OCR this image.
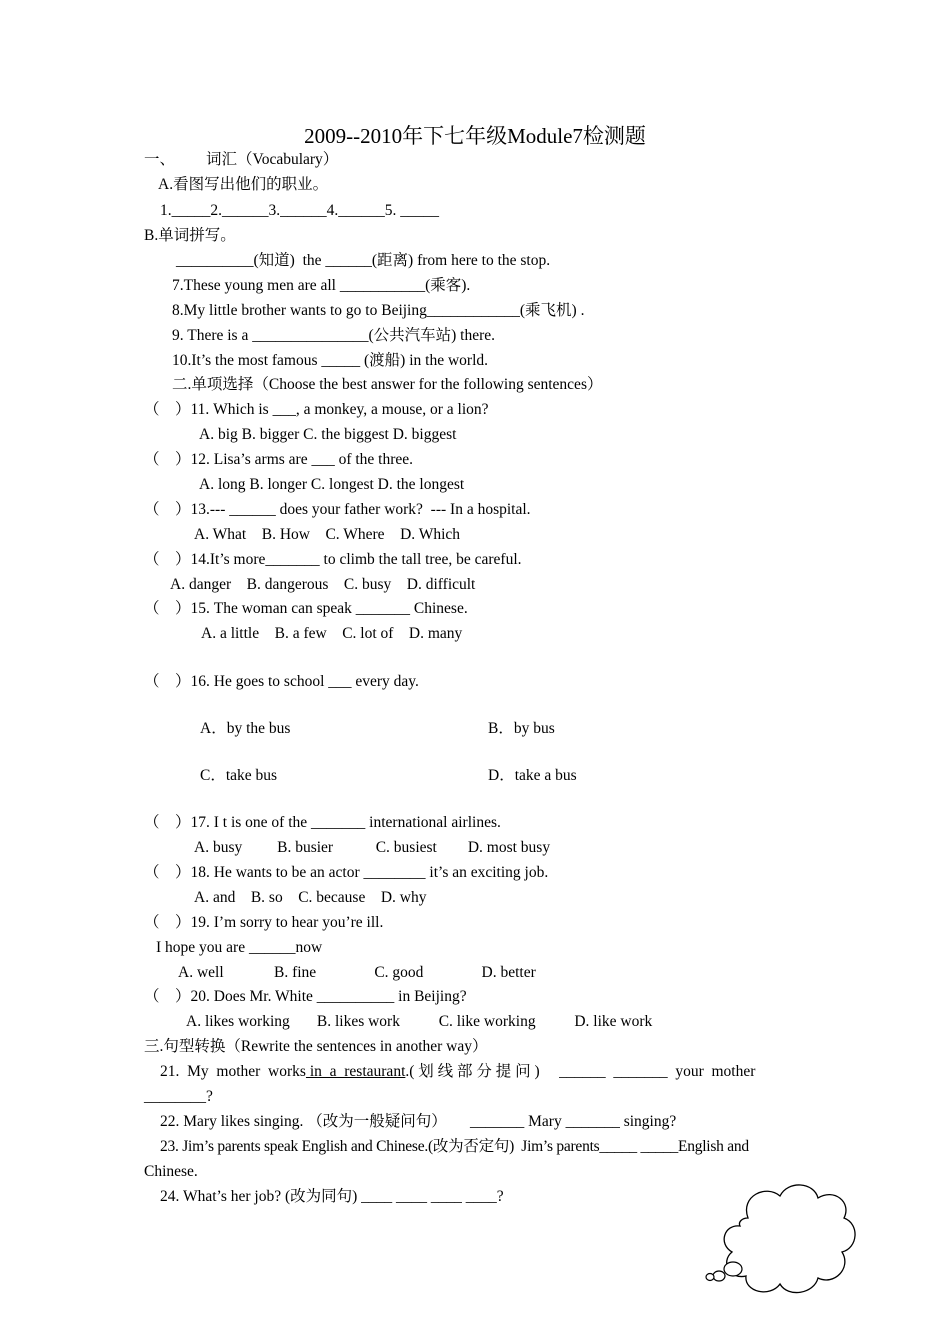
2009--2010年下七年级Module7检测题
一、        词汇（Vocabulary）
A.看图写出他们的职业。
1._____2.______3.______4.______5. _____
B.单词拼写。
__________(知道)  the ______(距离) from here to the stop.
7.These young men are all ___________(乘客).
8.My little brother wants to go to Beijing____________(乘飞机) .
9. There is a _______________(公共汽车站) there.
10.It’s the most famous _____ (渡船) in the world.
二.单项选择（Choose the best answer for the following sentences）
（    ）11. Which is ___, a monkey, a mouse, or a lion?
A. big B. bigger C. the biggest D. biggest
（    ）12. Lisa’s arms are ___ of the three.
A. long B. longer C. longest D. the longest
（    ）13.--- ______ does your father work?  --- In a hospital.
A. What    B. How    C. Where    D. Which
（    ）14.It’s more_______ to climb the tall tree, be careful.
A. danger    B. dangerous    C. busy    D. difficult
（    ）15. The woman can speak _______ Chinese.
A. a little    B. a few    C. lot of    D. many
（    ）16. He goes to school ___ every day.
A．by the bus	B．by bus
C．take bus	D．take a bus
（    ）17. I t is one of the _______ international airlines.
A. busy         B. busier           C. busiest        D. most busy
（    ）18. He wants to be an actor ________ it’s an exciting job.
A. and    B. so    C. because    D. why
（    ）19. I’m sorry to hear you’re ill.
I hope you are ______now
A. well             B. fine               C. good               D. better
（    ）20. Does Mr. White __________ in Beijing?
A. likes working       B. likes work          C. like working          D. like work
三.句型转换（Rewrite the sentences in another way）
21.  My  mother  works in  a  restaurant.( 划 线 部 分 提 问 )     ______  _______  your  mother
________?
22. Mary likes singing. （改为一般疑问句）      _______ Mary _______ singing?
23. Jim’s parents speak English and Chinese.(改为否定句)  Jim’s parents_____ _____English and
Chinese.
24. What’s her job? (改为同句) ____ ____ ____ ____?
